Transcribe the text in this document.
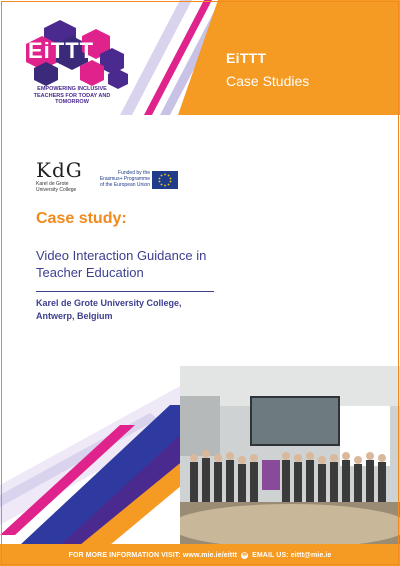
EiTTT
Case Studies
EiTTT
EMPOWERING INCLUSIVE TEACHERS FOR TODAY AND TOMORROW
KdG
Karel de Grote University College
Funded by the Erasmus+ Programme of the European Union
Case study:
Video Interaction Guidance in Teacher Education
Karel de Grote University College, Antwerp, Belgium
FOR MORE INFORMATION VISIT: www.mie.ie/eittt ✉ EMAIL US: eittt@mie.ie
